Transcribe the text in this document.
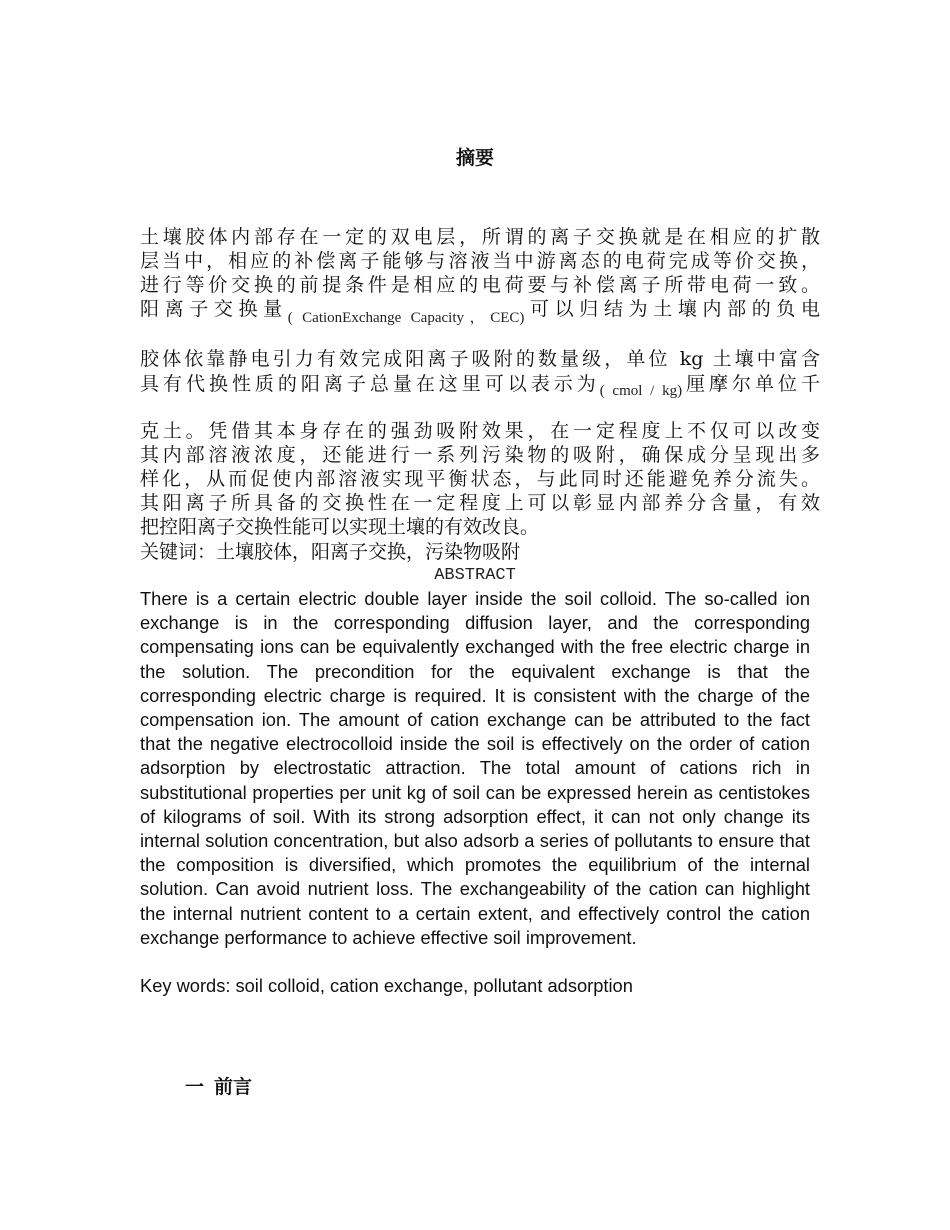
摘要
土壤胶体内部存在一定的双电层，所谓的离子交换就是在相应的扩散
层当中，相应的补偿离子能够与溶液当中游离态的电荷完成等价交换，
进行等价交换的前提条件是相应的电荷要与补偿离子所带电荷一致。
阳离子交换量$_{( CationExchange Capacity,CEC)}$可以归结为土壤内部的负电
胶体依靠静电引力有效完成阳离子吸附的数量级，单位 kg 土壤中富含
具有代换性质的阳离子总量在这里可以表示为$_{( cmol / kg)}$厘摩尔单位千
克土。凭借其本身存在的强劲吸附效果，在一定程度上不仅可以改变
其内部溶液浓度，还能进行一系列污染物的吸附，确保成分呈现出多
样化，从而促使内部溶液实现平衡状态，与此同时还能避免养分流失。
其阳离子所具备的交换性在一定程度上可以彰显内部养分含量，有效
把控阳离子交换性能可以实现土壤的有效改良。
关键词：土壤胶体，阳离子交换，污染物吸附
ABSTRACT
There is a certain electric double layer inside the soil colloid. The so-called ion exchange is in the corresponding diffusion layer, and the corresponding compensating ions can be equivalently exchanged with the free electric charge in the solution. The precondition for the equivalent exchange is that the corresponding electric charge is required. It is consistent with the charge of the compensation ion. The amount of cation exchange can be attributed to the fact that the negative electrocolloid inside the soil is effectively on the order of cation adsorption by electrostatic attraction. The total amount of cations rich in substitutional properties per unit kg of soil can be expressed herein as centistokes of kilograms of soil. With its strong adsorption effect, it can not only change its internal solution concentration, but also adsorb a series of pollutants to ensure that the composition is diversified, which promotes the equilibrium of the internal solution. Can avoid nutrient loss. The exchangeability of the cation can highlight the internal nutrient content to a certain extent, and effectively control the cation exchange performance to achieve effective soil improvement.
Key words: soil colloid, cation exchange, pollutant adsorption
一 前言
